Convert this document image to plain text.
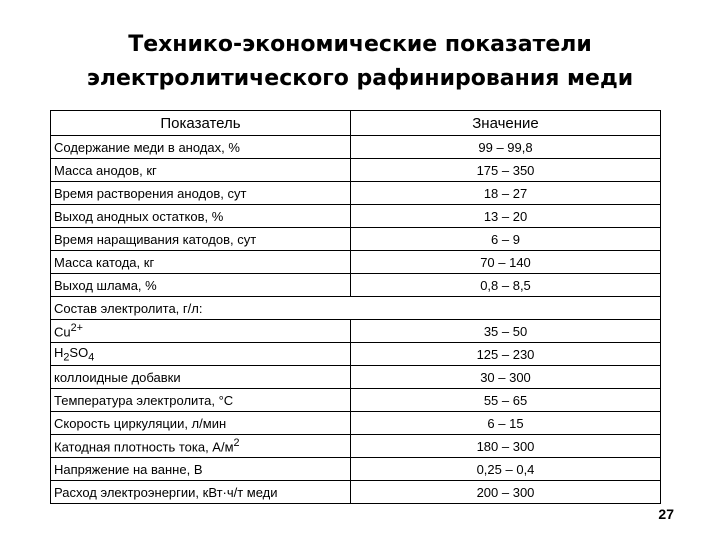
Технико-экономические показатели
электролитического рафинирования меди
Показатель	Значение
Содержание меди в анодах, %	99 – 99,8
Масса анодов, кг	175 – 350
Время растворения анодов, сут	18 – 27
Выход анодных остатков, %	13 – 20
Время наращивания катодов, сут	6 – 9
Масса катода, кг	70 – 140
Выход шлама, %	0,8 – 8,5
Состав электролита, г/л:	
$Cu^{2+}$	35 – 50
$H_2SO_4$	125 – 230
коллоидные добавки	30 – 300
Температура электролита, °С	55 – 65
Скорость циркуляции, л/мин	6 – 15
Катодная плотность тока, $А/м^2$	180 – 300
Напряжение на ванне, В	0,25 – 0,4
Расход электроэнергии, кВт·ч/т меди	200 – 300
27
